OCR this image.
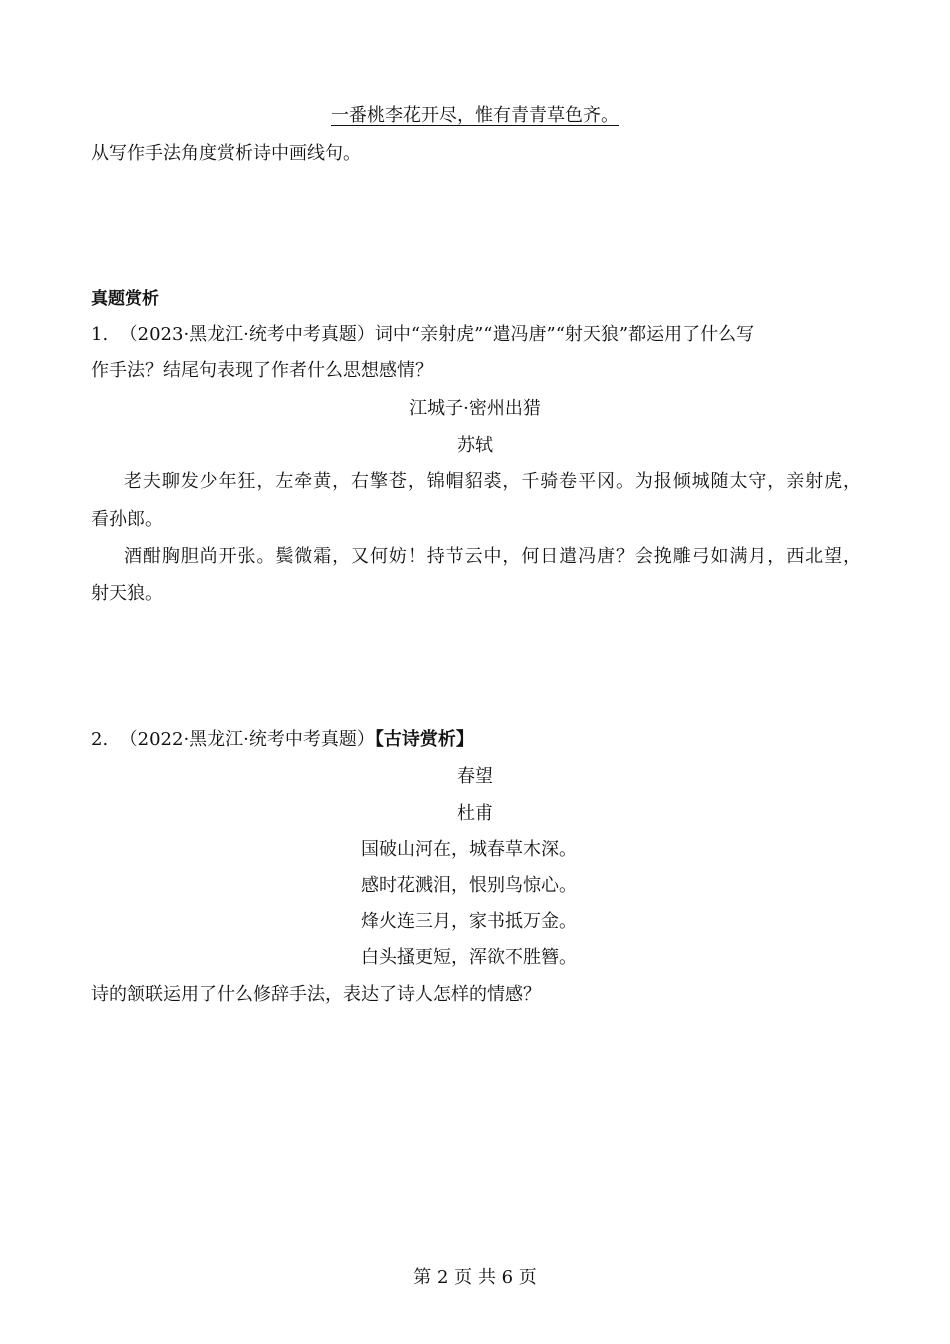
一番桃李花开尽，惟有青青草色齐。
从写作手法角度赏析诗中画线句。
真题赏析
1. （2023·黑龙江·统考中考真题）词中“亲射虎”“遣冯唐”“射天狼”都运用了什么写
作手法？结尾句表现了作者什么思想感情？
江城子·密州出猎
苏轼
老夫聊发少年狂，左牵黄，右擎苍，锦帽貂裘，千骑卷平冈。为报倾城随太守，亲射虎，
看孙郎。
酒酣胸胆尚开张。鬓微霜，又何妨！持节云中，何日遣冯唐？会挽雕弓如满月，西北望，
射天狼。
2. （2022·黑龙江·统考中考真题）【古诗赏析】
春望
杜甫
国破山河在，城春草木深。
感时花溅泪，恨别鸟惊心。
烽火连三月，家书抵万金。
白头搔更短，浑欲不胜簪。
诗的颔联运用了什么修辞手法，表达了诗人怎样的情感？
第 2 页 共 6 页
